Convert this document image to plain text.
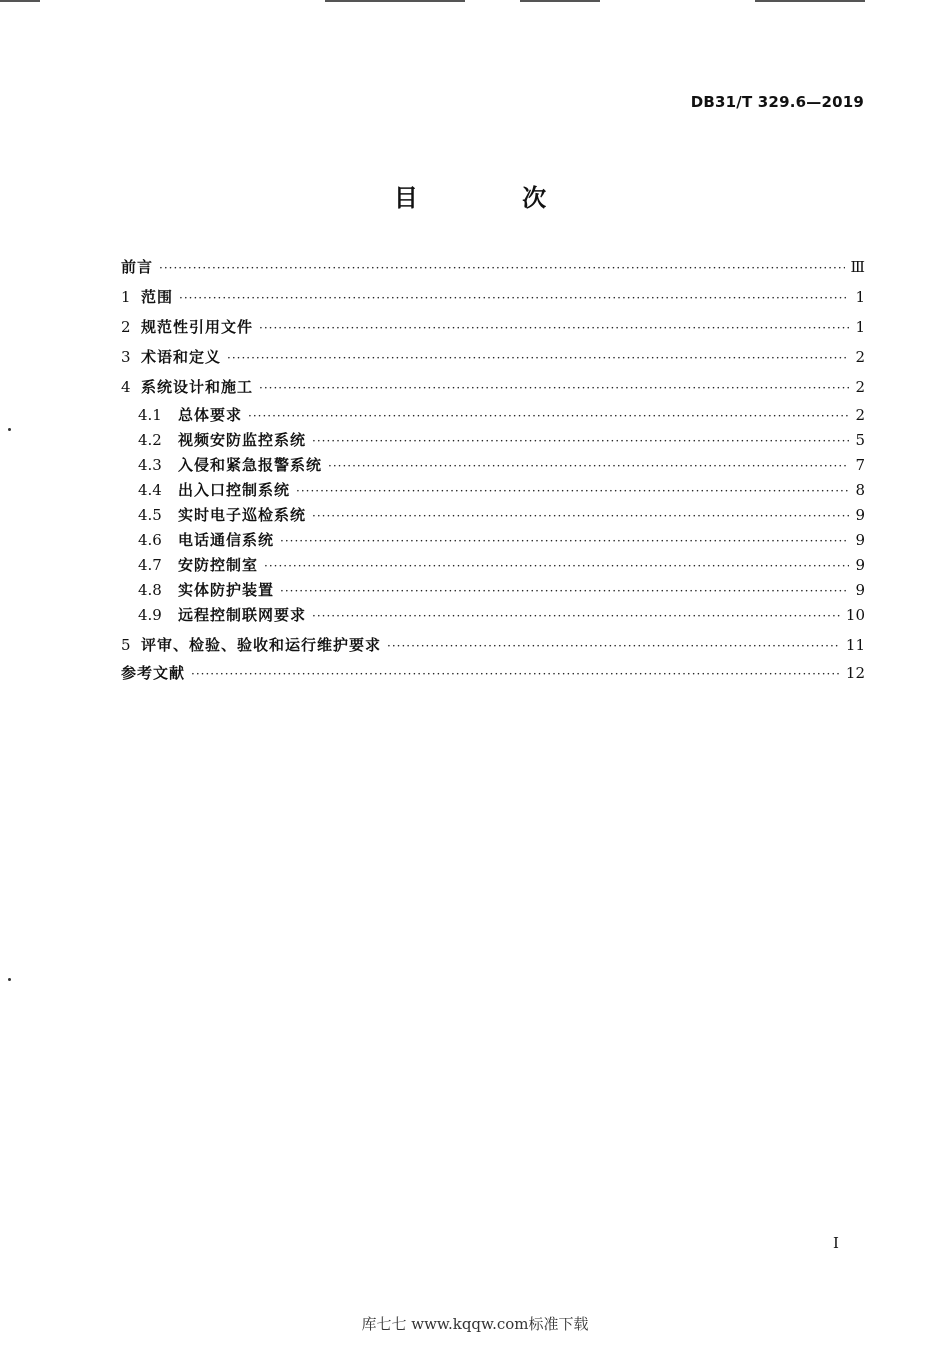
DB31/T 329.6—2019
目 次
前言 ·····	Ⅲ
1 范围 ·····	1
2 规范性引用文件 ·····	1
3 术语和定义 ·····	2
4 系统设计和施工 ·····	2
4.1	总体要求 ·····	2
4.2	视频安防监控系统 ·····	5
4.3	入侵和紧急报警系统 ·····	7
4.4	出入口控制系统 ·····	8
4.5	实时电子巡检系统 ·····	9
4.6	电话通信系统 ·····	9
4.7	安防控制室 ·····	9
4.8	实体防护装置 ·····	9
4.9	远程控制联网要求 ·····	10
5 评审、检验、验收和运行维护要求 ·····	11
参考文献 ·····	12
I
库七七 www.kqqw.com标准下载
